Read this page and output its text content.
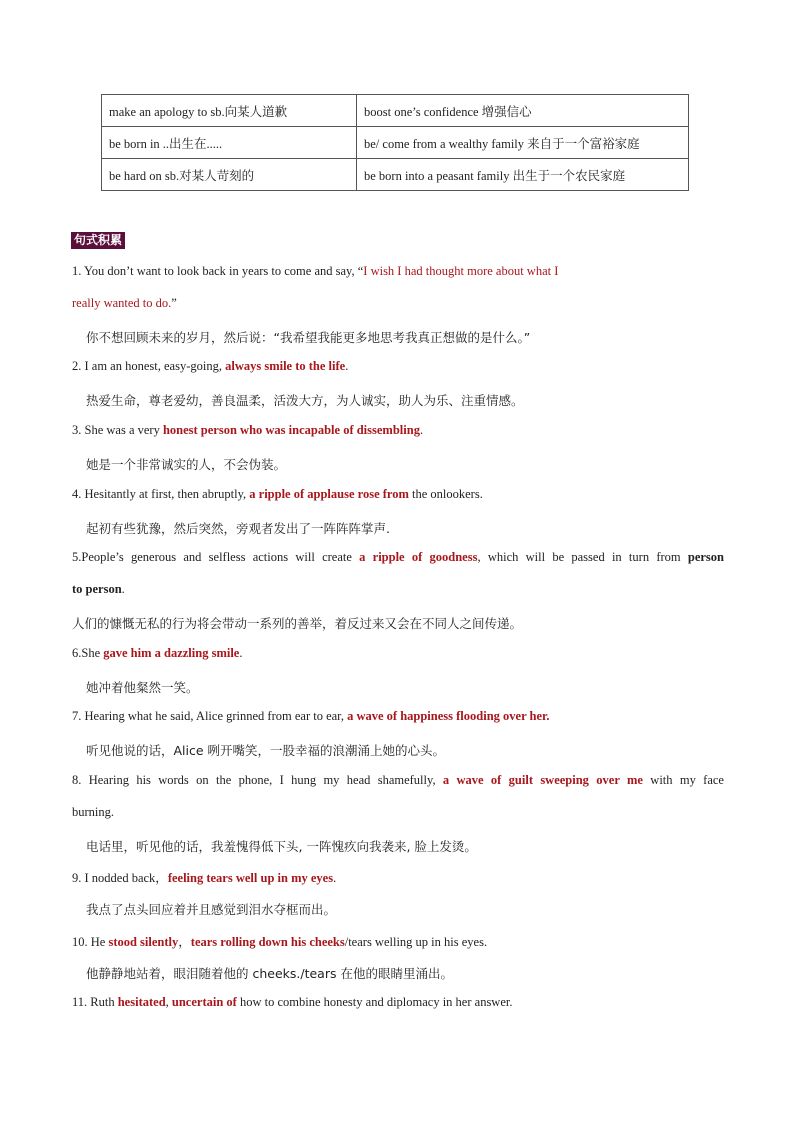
make an apology to sb.向某人道歉	boost one’s confidence 增强信心
be born in ..出生在.....	be/ come from a wealthy family 来自于一个富裕家庭
be hard on sb.对某人苛刻的	be born into a peasant family 出生于一个农民家庭
句式积累
1. You don’t want to look back in years to come and say, “I wish I had thought more about what I
really wanted to do.”
你不想回顾未来的岁月，然后说：“我希望我能更多地思考我真正想做的是什么。”
2. I am an honest, easy-going, always smile to the life.
热爱生命，尊老爱幼，善良温柔，活泼大方，为人诚实，助人为乐、注重情感。
3. She was a very honest person who was incapable of dissembling.
她是一个非常诚实的人，不会伪装。
4. Hesitantly at first, then abruptly, a ripple of applause rose from the onlookers.
起初有些犹豫，然后突然，旁观者发出了一阵阵阵掌声.
5.People’s generous and selfless actions will create a ripple of goodness, which will be passed in turn from person
to person.
人们的慷慨无私的行为将会带动一系列的善举，着反过来又会在不同人之间传递。
6.She gave him a dazzling smile.
她冲着他粲然一笑。
7. Hearing what he said, Alice grinned from ear to ear, a wave of happiness flooding over her.
听见他说的话，Alice 咧开嘴笑，一股幸福的浪潮涌上她的心头。
8. Hearing his words on the phone, I hung my head shamefully, a wave of guilt sweeping over me with my face
burning.
电话里，听见他的话，我羞愧得低下头, 一阵愧疚向我袭来, 脸上发烫。
9. I nodded back，feeling tears well up in my eyes.
我点了点头回应着并且感觉到泪水夺框而出。
10. He stood silently，tears rolling down his cheeks/tears welling up in his eyes.
他静静地站着，眼泪随着他的 cheeks./tears 在他的眼睛里涌出。
11. Ruth hesitated, uncertain of how to combine honesty and diplomacy in her answer.
